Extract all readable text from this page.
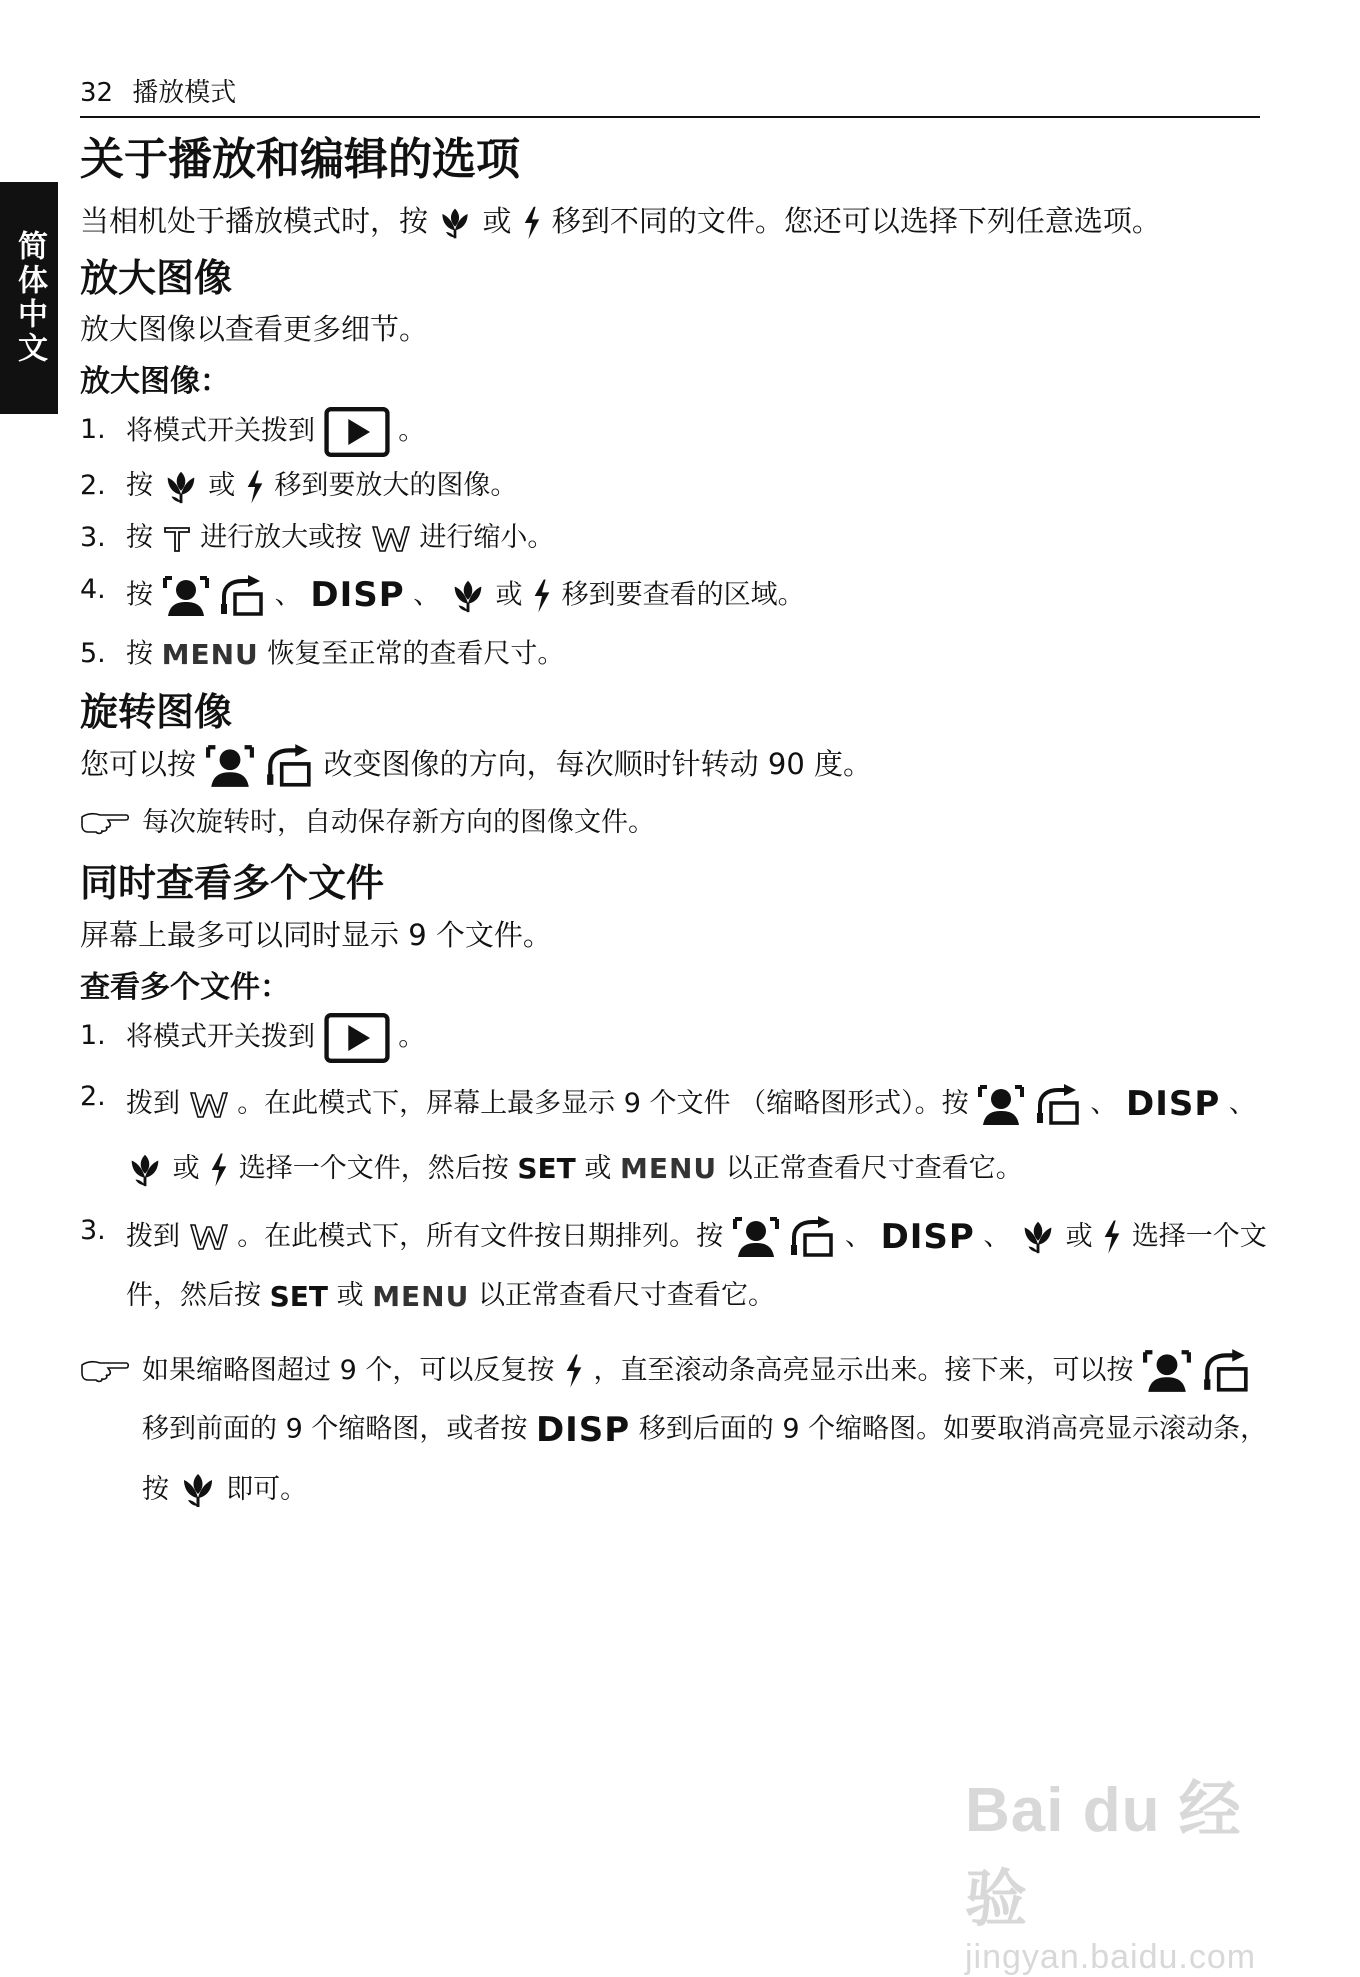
32 播放模式
简体中文
关于播放和编辑的选项

当相机处于播放模式时，按 或 移到不同的文件。您还可以选择下列任意选项。

放大图像

放大图像以查看更多细节。

放大图像：
1. 将模式开关拨到	。
2. 按 或 移到要放大的图像。
3. 按 进行放大或按 进行缩小。
4. 按	、 DISP 、 或 移到要查看的区域。
5. 按 MENU 恢复至正常的查看尺寸。
旋转图像

您可以按	改变图像的方向，每次顺时针转动 90 度。

每次旋转时，自动保存新方向的图像文件。
同时查看多个文件

屏幕上最多可以同时显示 9 个文件。

查看多个文件：
1. 将模式开关拨到	。
2. 拨到 。在此模式下，屏幕上最多显示 9 个文件 （缩略图形式）。按	、 DISP 、  或 选择一个文件，然后按 SET 或 MENU 以正常查看尺寸查看它。
3. 拨到 。在此模式下，所有文件按日期排列。按	、 DISP 、 或 选择一个文件，然后按 SET 或 MENU 以正常查看尺寸查看它。
如果缩略图超过 9 个，可以反复按 ，直至滚动条高亮显示出来。接下来，可以按   移到前面的 9 个缩略图，或者按 DISP 移到后面的 9 个缩略图。如要取消高亮显示滚动条，按 即可。
Bai du 经验
jingyan.baidu.com
